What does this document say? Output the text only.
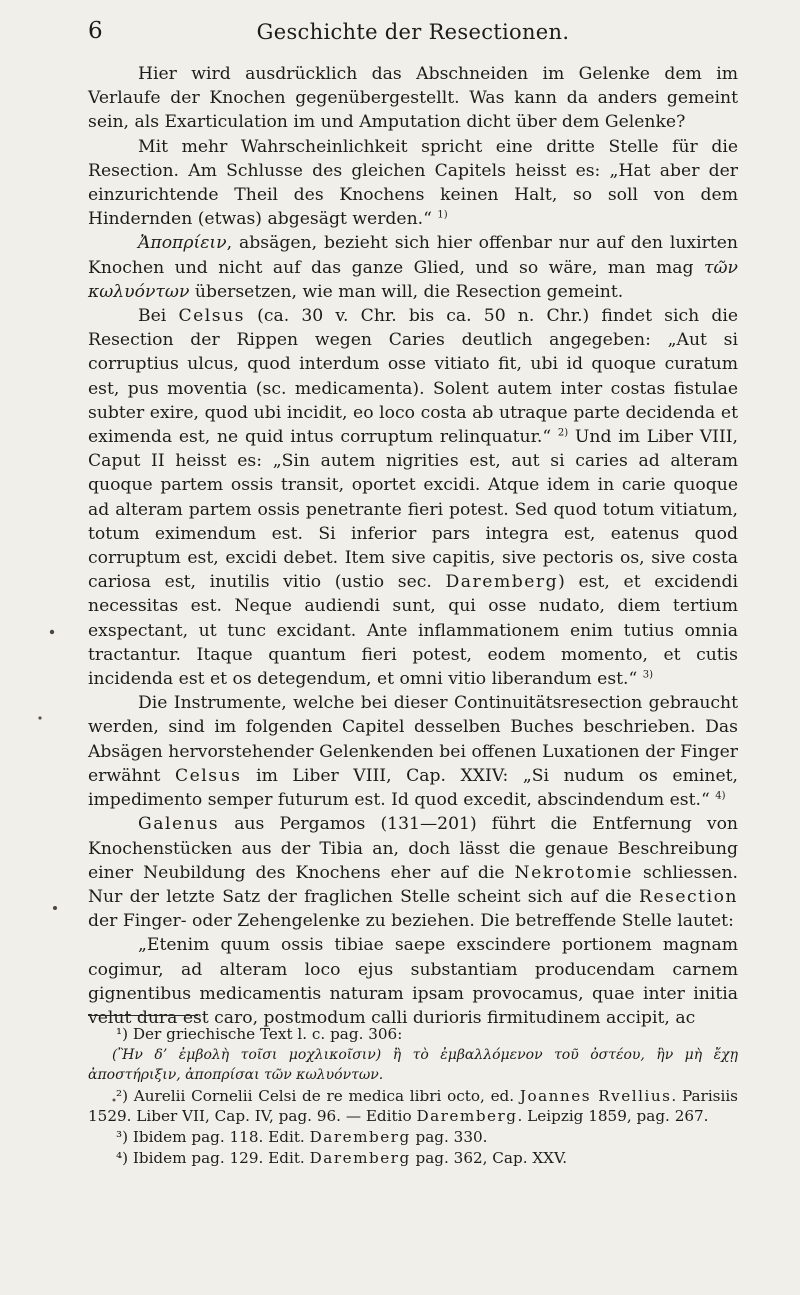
6	Geschichte der Resectionen.

Hier wird ausdrücklich das Abschneiden im Gelenke dem im Verlaufe der Knochen gegenübergestellt. Was kann da anders gemeint sein, als Exarticulation im und Amputation dicht über dem Gelenke?

Mit mehr Wahrscheinlichkeit spricht eine dritte Stelle für die Resection. Am Schlusse des gleichen Capitels heisst es: „Hat aber der einzurichtende Theil des Knochens keinen Halt, so soll von dem Hindernden (etwas) abgesägt werden.“ $^{1)}$

Ἀποπρίειν, absägen, bezieht sich hier offenbar nur auf den luxirten Knochen und nicht auf das ganze Glied, und so wäre, man mag τῶν κωλυόντων übersetzen, wie man will, die Resection gemeint.

Bei Celsus (ca. 30 v. Chr. bis ca. 50 n. Chr.) findet sich die Resection der Rippen wegen Caries deutlich angegeben: „Aut si corruptius ulcus, quod interdum osse vitiato fit, ubi id quoque curatum est, pus moventia (sc. medicamenta). Solent autem inter costas fistulae subter exire, quod ubi incidit, eo loco costa ab utraque parte decidenda et eximenda est, ne quid intus corruptum relinquatur.“ $^{2)}$ Und im Liber VIII, Caput II heisst es: „Sin autem nigrities est, aut si caries ad alteram quoque partem ossis transit, oportet excidi. Atque idem in carie quoque ad alteram partem ossis penetrante fieri potest. Sed quod totum vitiatum, totum eximendum est. Si inferior pars integra est, eatenus quod corruptum est, excidi debet. Item sive capitis, sive pectoris os, sive costa cariosa est, inutilis vitio (ustio sec. Daremberg) est, et excidendi necessitas est. Neque audiendi sunt, qui osse nudato, diem tertium exspectant, ut tunc excidant. Ante inflammationem enim tutius omnia tractantur. Itaque quantum fieri potest, eodem momento, et cutis incidenda est et os detegendum, et omni vitio liberandum est.“ $^{3)}$

Die Instrumente, welche bei dieser Continuitätsresection gebraucht werden, sind im folgenden Capitel desselben Buches beschrieben. Das Absägen hervorstehender Gelenkenden bei offenen Luxationen der Finger erwähnt Celsus im Liber VIII, Cap. XXIV: „Si nudum os eminet, impedimento semper futurum est. Id quod excedit, abscindendum est.“ $^{4)}$

Galenus aus Pergamos (131—201) führt die Entfernung von Knochenstücken aus der Tibia an, doch lässt die genaue Beschreibung einer Neubildung des Knochens eher auf die Nekrotomie schliessen. Nur der letzte Satz der fraglichen Stelle scheint sich auf die Resection der Finger- oder Zehengelenke zu beziehen. Die betreffende Stelle lautet:

„Etenim quum ossis tibiae saepe exscindere portionem magnam cogimur, ad alteram loco ejus substantiam producendam carnem gignentibus medicamentis naturam ipsam provocamus, quae inter initia velut dura est caro, postmodum calli durioris firmitudinem accipit, ac

¹) Der griechische Text l. c. pag. 306:

(Ἢν δ’ ἐμβολὴ τοῖσι μοχλικοῖσιν) ἢ τὸ ἐμβαλλόμενον τοῦ ὀστέου, ἣν μὴ ἔχῃ ἀποστήριξιν, ἀποπρίσαι τῶν κωλυόντων.

²) Aurelii Cornelii Celsi de re medica libri octo, ed. Joannes Rvellius. Parisiis 1529. Liber VII, Cap. IV, pag. 96. — Editio Daremberg. Leipzig 1859, pag. 267.

³) Ibidem pag. 118. Edit. Daremberg pag. 330.

⁴) Ibidem pag. 129. Edit. Daremberg pag. 362, Cap. XXV.
